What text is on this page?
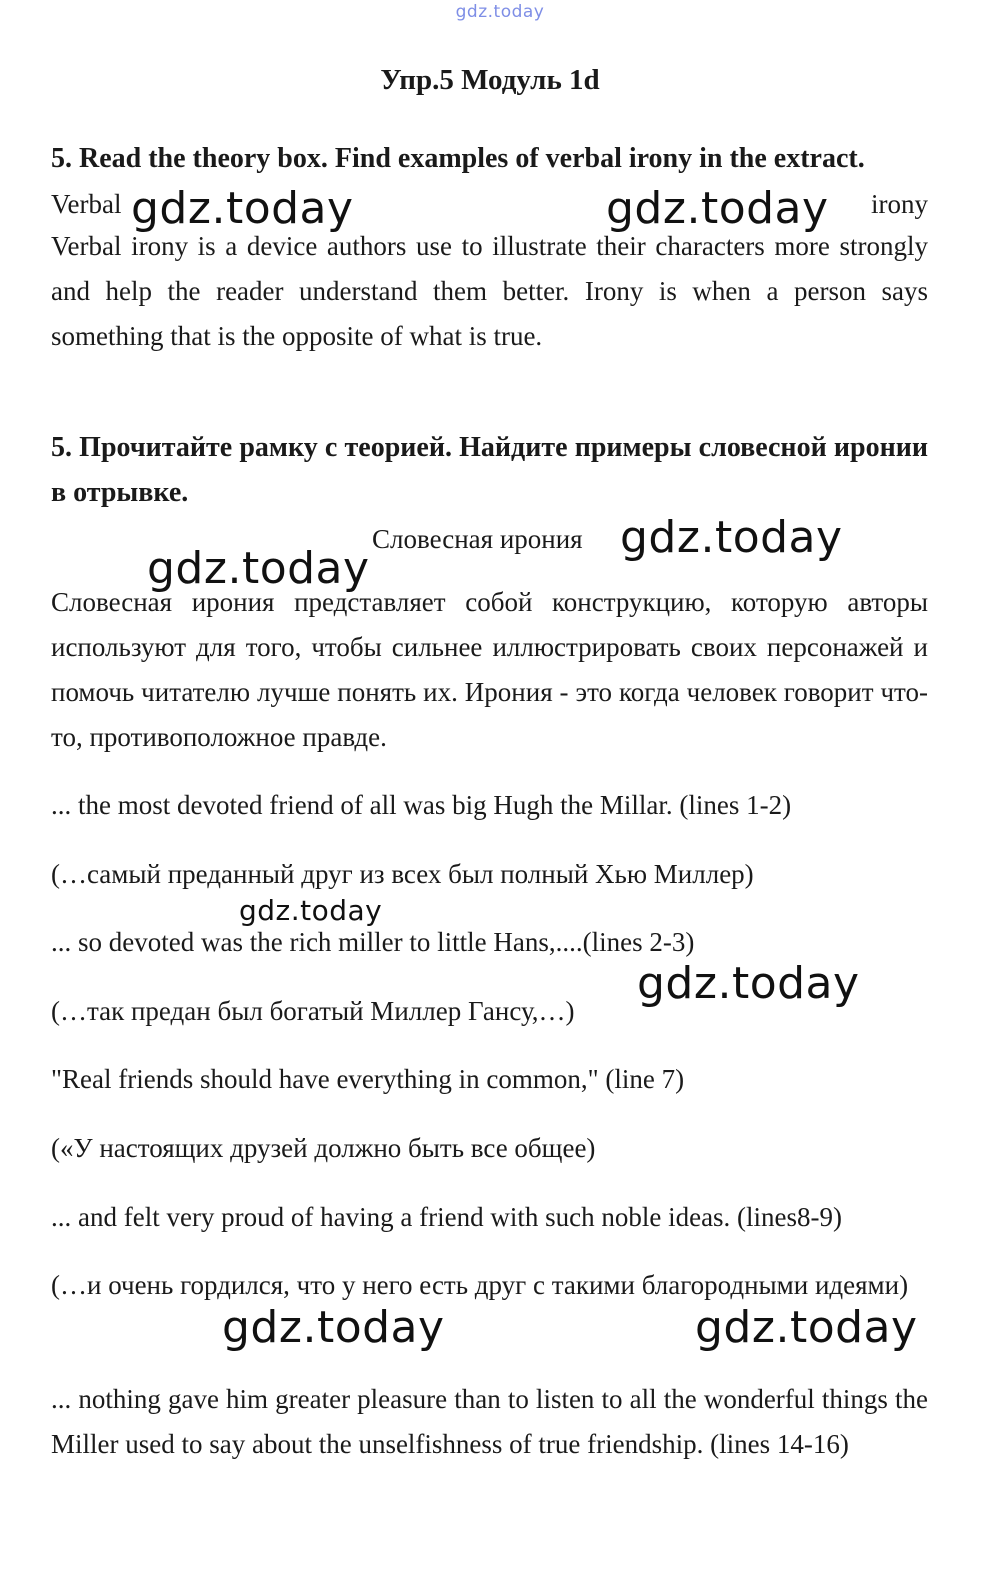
gdz.today
Упр.5 Модуль 1d
5. Read the theory box. Find examples of verbal irony in the extract.
Verbal	irony
Verbal irony is a device authors use to illustrate their characters more strongly and help the reader understand them better. Irony is when a person says something that is the opposite of what is true.
5. Прочитайте рамку с теорией. Найдите примеры словесной иронии в отрывке.
Словесная ирония
Словесная ирония представляет собой конструкцию, которую авторы используют для того, чтобы сильнее иллюстрировать своих персонажей и помочь читателю лучше понять их. Ирония - это когда человек говорит что-то, противоположное правде.
... the most devoted friend of all was big Hugh the Millar. (lines 1-2)
(…самый преданный друг из всех был полный Хью Миллер)
... so devoted was the rich miller to little Hans,....(lines 2-3)
(…так предан был богатый Миллер Гансу,…)
"Real friends should have everything in common," (line 7)
(«У настоящих друзей должно быть все общее)
... and felt very proud of having a friend with such noble ideas. (lines8-9)
(…и очень гордился, что у него есть друг с такими благородными идеями)
... nothing gave him greater pleasure than to listen to all the wonderful things the Miller used to say about the unselfishness of true friendship. (lines 14-16)
gdz.today	gdz.today
gdz.today
gdz.today
gdz.today
gdz.today
gdz.today	gdz.today
